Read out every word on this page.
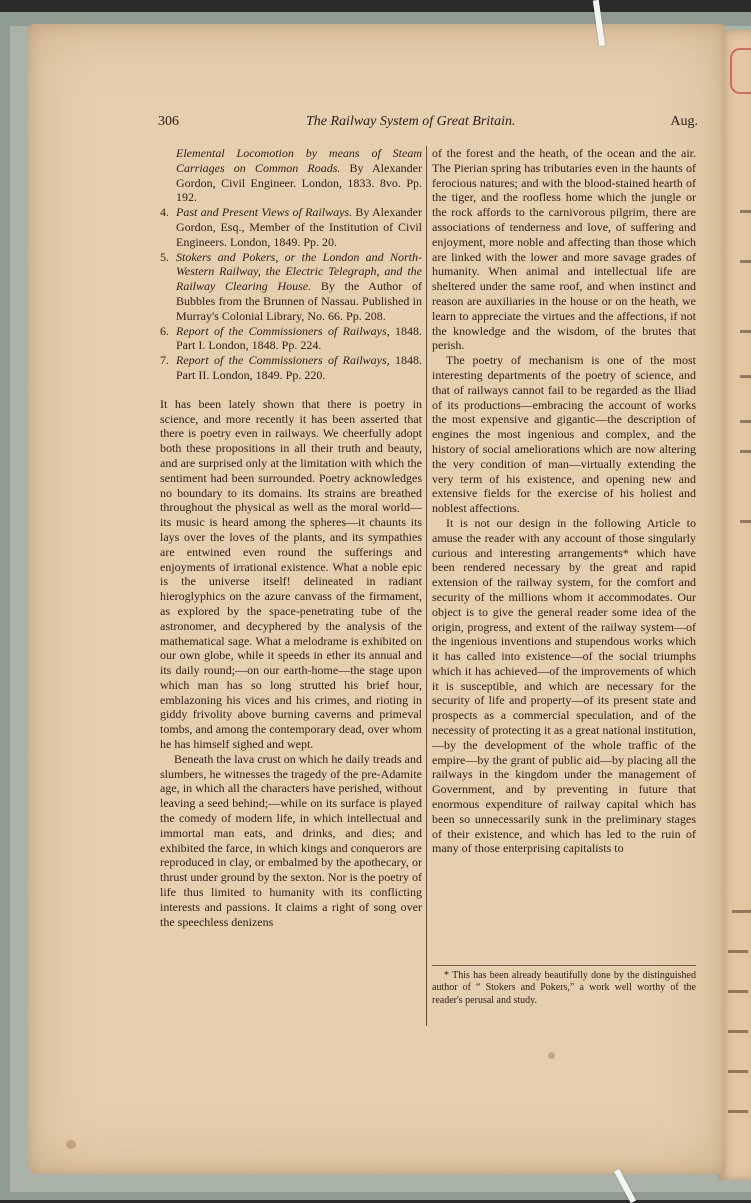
306	The Railway System of Great Britain.	Aug.

Elemental Locomotion by means of Steam Carriages on Common Roads. By Alexander Gordon, Civil Engineer. London, 1833. 8vo. Pp. 192.

4. Past and Present Views of Railways. By Alexander Gordon, Esq., Member of the Institution of Civil Engineers. London, 1849. Pp. 20.

5. Stokers and Pokers, or the London and North-Western Railway, the Electric Telegraph, and the Railway Clearing House. By the Author of Bubbles from the Brunnen of Nassau. Published in Murray's Colonial Library, No. 66. Pp. 208.

6. Report of the Commissioners of Railways, 1848. Part I. London, 1848. Pp. 224.

7. Report of the Commissioners of Railways, 1848. Part II. London, 1849. Pp. 220.

It has been lately shown that there is poetry in science, and more recently it has been asserted that there is poetry even in railways. We cheerfully adopt both these propositions in all their truth and beauty, and are surprised only at the limitation with which the sentiment had been surrounded. Poetry acknowledges no boundary to its domains. Its strains are breathed throughout the physical as well as the moral world—its music is heard among the spheres—it chaunts its lays over the loves of the plants, and its sympathies are entwined even round the sufferings and enjoyments of irrational existence. What a noble epic is the universe itself! delineated in radiant hieroglyphics on the azure canvass of the firmament, as explored by the space-penetrating tube of the astronomer, and decyphered by the analysis of the mathematical sage. What a melodrame is exhibited on our own globe, while it speeds in ether its annual and its daily round;—on our earth-home—the stage upon which man has so long strutted his brief hour, emblazoning his vices and his crimes, and rioting in giddy frivolity above burning caverns and primeval tombs, and among the contemporary dead, over whom he has himself sighed and wept.

Beneath the lava crust on which he daily treads and slumbers, he witnesses the tragedy of the pre-Adamite age, in which all the characters have perished, without leaving a seed behind;—while on its surface is played the comedy of modern life, in which intellectual and immortal man eats, and drinks, and dies; and exhibited the farce, in which kings and conquerors are reproduced in clay, or embalmed by the apothecary, or thrust under ground by the sexton. Nor is the poetry of life thus limited to humanity with its conflicting interests and passions. It claims a right of song over the speechless denizens

of the forest and the heath, of the ocean and the air. The Pierian spring has tributaries even in the haunts of ferocious natures; and with the blood-stained hearth of the tiger, and the roofless home which the jungle or the rock affords to the carnivorous pilgrim, there are associations of tenderness and love, of suffering and enjoyment, more noble and affecting than those which are linked with the lower and more savage grades of humanity. When animal and intellectual life are sheltered under the same roof, and when instinct and reason are auxiliaries in the house or on the heath, we learn to appreciate the virtues and the affections, if not the knowledge and the wisdom, of the brutes that perish.

The poetry of mechanism is one of the most interesting departments of the poetry of science, and that of railways cannot fail to be regarded as the Iliad of its productions—embracing the account of works the most expensive and gigantic—the description of engines the most ingenious and complex, and the history of social ameliorations which are now altering the very condition of man—virtually extending the very term of his existence, and opening new and extensive fields for the exercise of his holiest and noblest affections.

It is not our design in the following Article to amuse the reader with any account of those singularly curious and interesting arrangements* which have been rendered necessary by the great and rapid extension of the railway system, for the comfort and security of the millions whom it accommodates. Our object is to give the general reader some idea of the origin, progress, and extent of the railway system—of the ingenious inventions and stupendous works which it has called into existence—of the social triumphs which it has achieved—of the improvements of which it is susceptible, and which are necessary for the security of life and property—of its present state and prospects as a commercial speculation, and of the necessity of protecting it as a great national institution,—by the development of the whole traffic of the empire—by the grant of public aid—by placing all the railways in the kingdom under the management of Government, and by preventing in future that enormous expenditure of railway capital which has been so unnecessarily sunk in the preliminary stages of their existence, and which has led to the ruin of many of those enterprising capitalists to

* This has been already beautifully done by the distinguished author of “ Stokers and Pokers,” a work well worthy of the reader's perusal and study.
